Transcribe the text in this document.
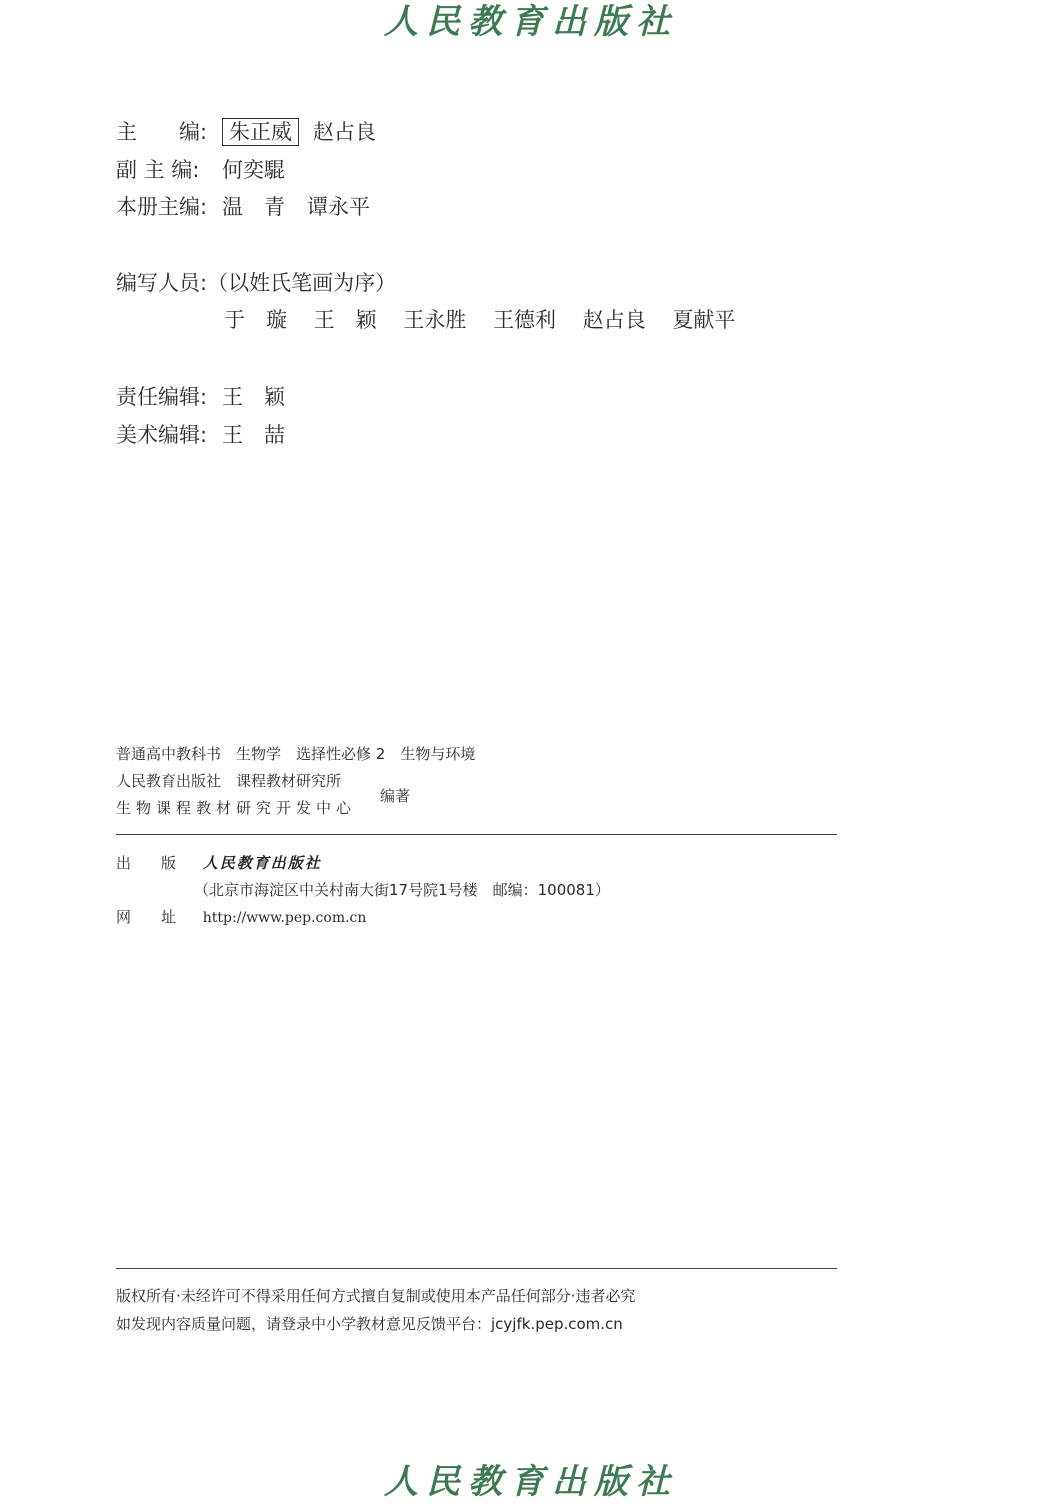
人民教育出版社
主　　编:	朱正威	赵占良
副 主 编:	何奕騉
本册主编: 温　青 谭永平
编写人员: （以姓氏笔画为序）
于　璇 王　颖 王永胜 王德利 赵占良 夏献平
责任编辑: 王　颖
美术编辑: 王　喆
普通高中教科书　生物学　选择性必修 2　生物与环境
人民教育出版社　课程教材研究所
生物课程教材研究开发中心
编著
出　　版 人民教育出版社
（北京市海淀区中关村南大街17号院1号楼　邮编：100081）
网　　址 http://www.pep.com.cn
版权所有·未经许可不得采用任何方式擅自复制或使用本产品任何部分·违者必究
如发现内容质量问题，请登录中小学教材意见反馈平台：jcyjfk.pep.com.cn
人民教育出版社
